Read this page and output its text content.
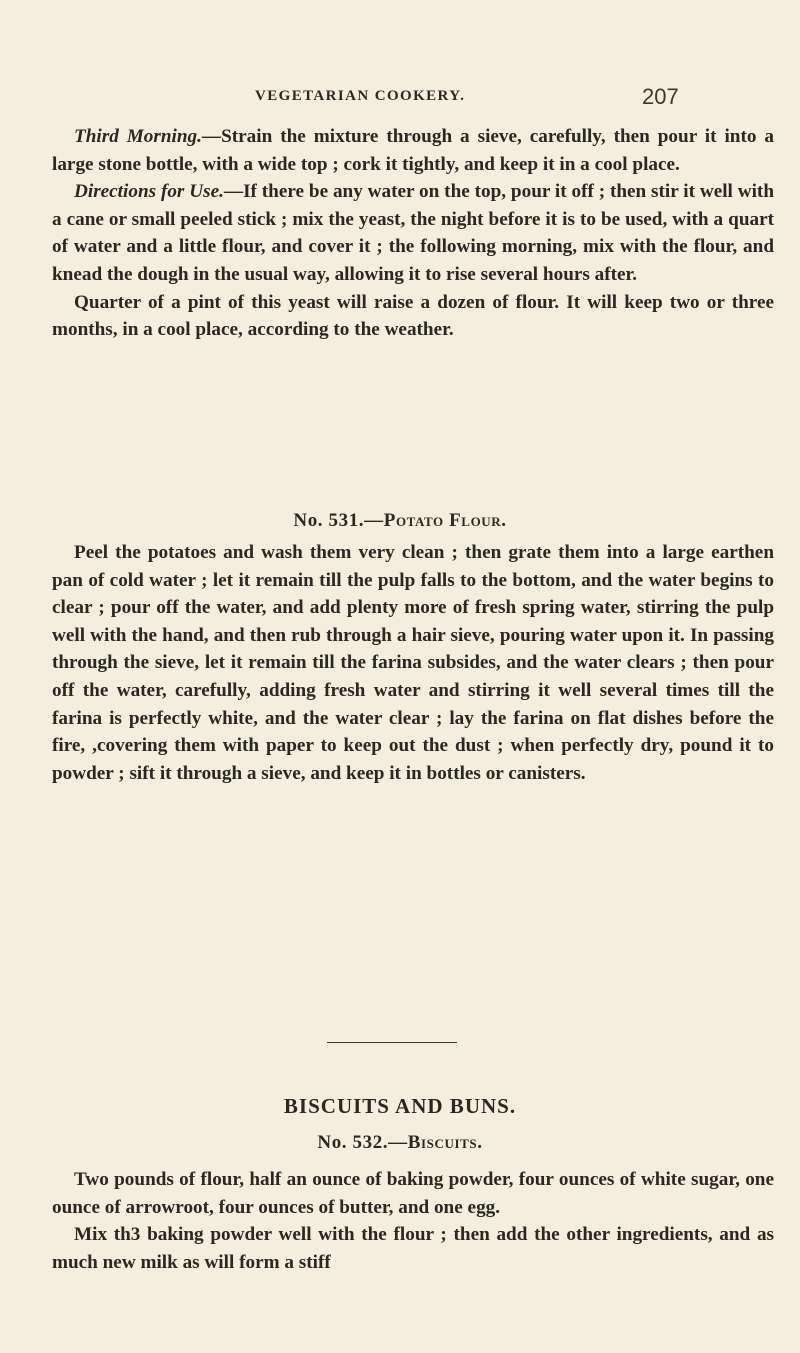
VEGETARIAN COOKERY.	207

Third Morning.—Strain the mixture through a sieve, carefully, then pour it into a large stone bottle, with a wide top ; cork it tightly, and keep it in a cool place.

Directions for Use.—If there be any water on the top, pour it off ; then stir it well with a cane or small peeled stick ; mix the yeast, the night before it is to be used, with a quart of water and a little flour, and cover it ; the following morning, mix with the flour, and knead the dough in the usual way, allowing it to rise several hours after.

Quarter of a pint of this yeast will raise a dozen of flour. It will keep two or three months, in a cool place, according to the weather.

No. 531.—Potato Flour.

Peel the potatoes and wash them very clean ; then grate them into a large earthen pan of cold water ; let it remain till the pulp falls to the bottom, and the water begins to clear ; pour off the water, and add plenty more of fresh spring water, stirring the pulp well with the hand, and then rub through a hair sieve, pouring water upon it. In passing through the sieve, let it remain till the farina subsides, and the water clears ; then pour off the water, carefully, adding fresh water and stirring it well several times till the farina is perfectly white, and the water clear ; lay the farina on flat dishes before the fire, ,covering them with paper to keep out the dust ; when perfectly dry, pound it to powder ; sift it through a sieve, and keep it in bottles or canisters.

BISCUITS AND BUNS.
No. 532.—Biscuits.

Two pounds of flour, half an ounce of baking powder, four ounces of white sugar, one ounce of arrowroot, four ounces of butter, and one egg.

Mix th3 baking powder well with the flour ; then add the other ingredients, and as much new milk as will form a stiff
